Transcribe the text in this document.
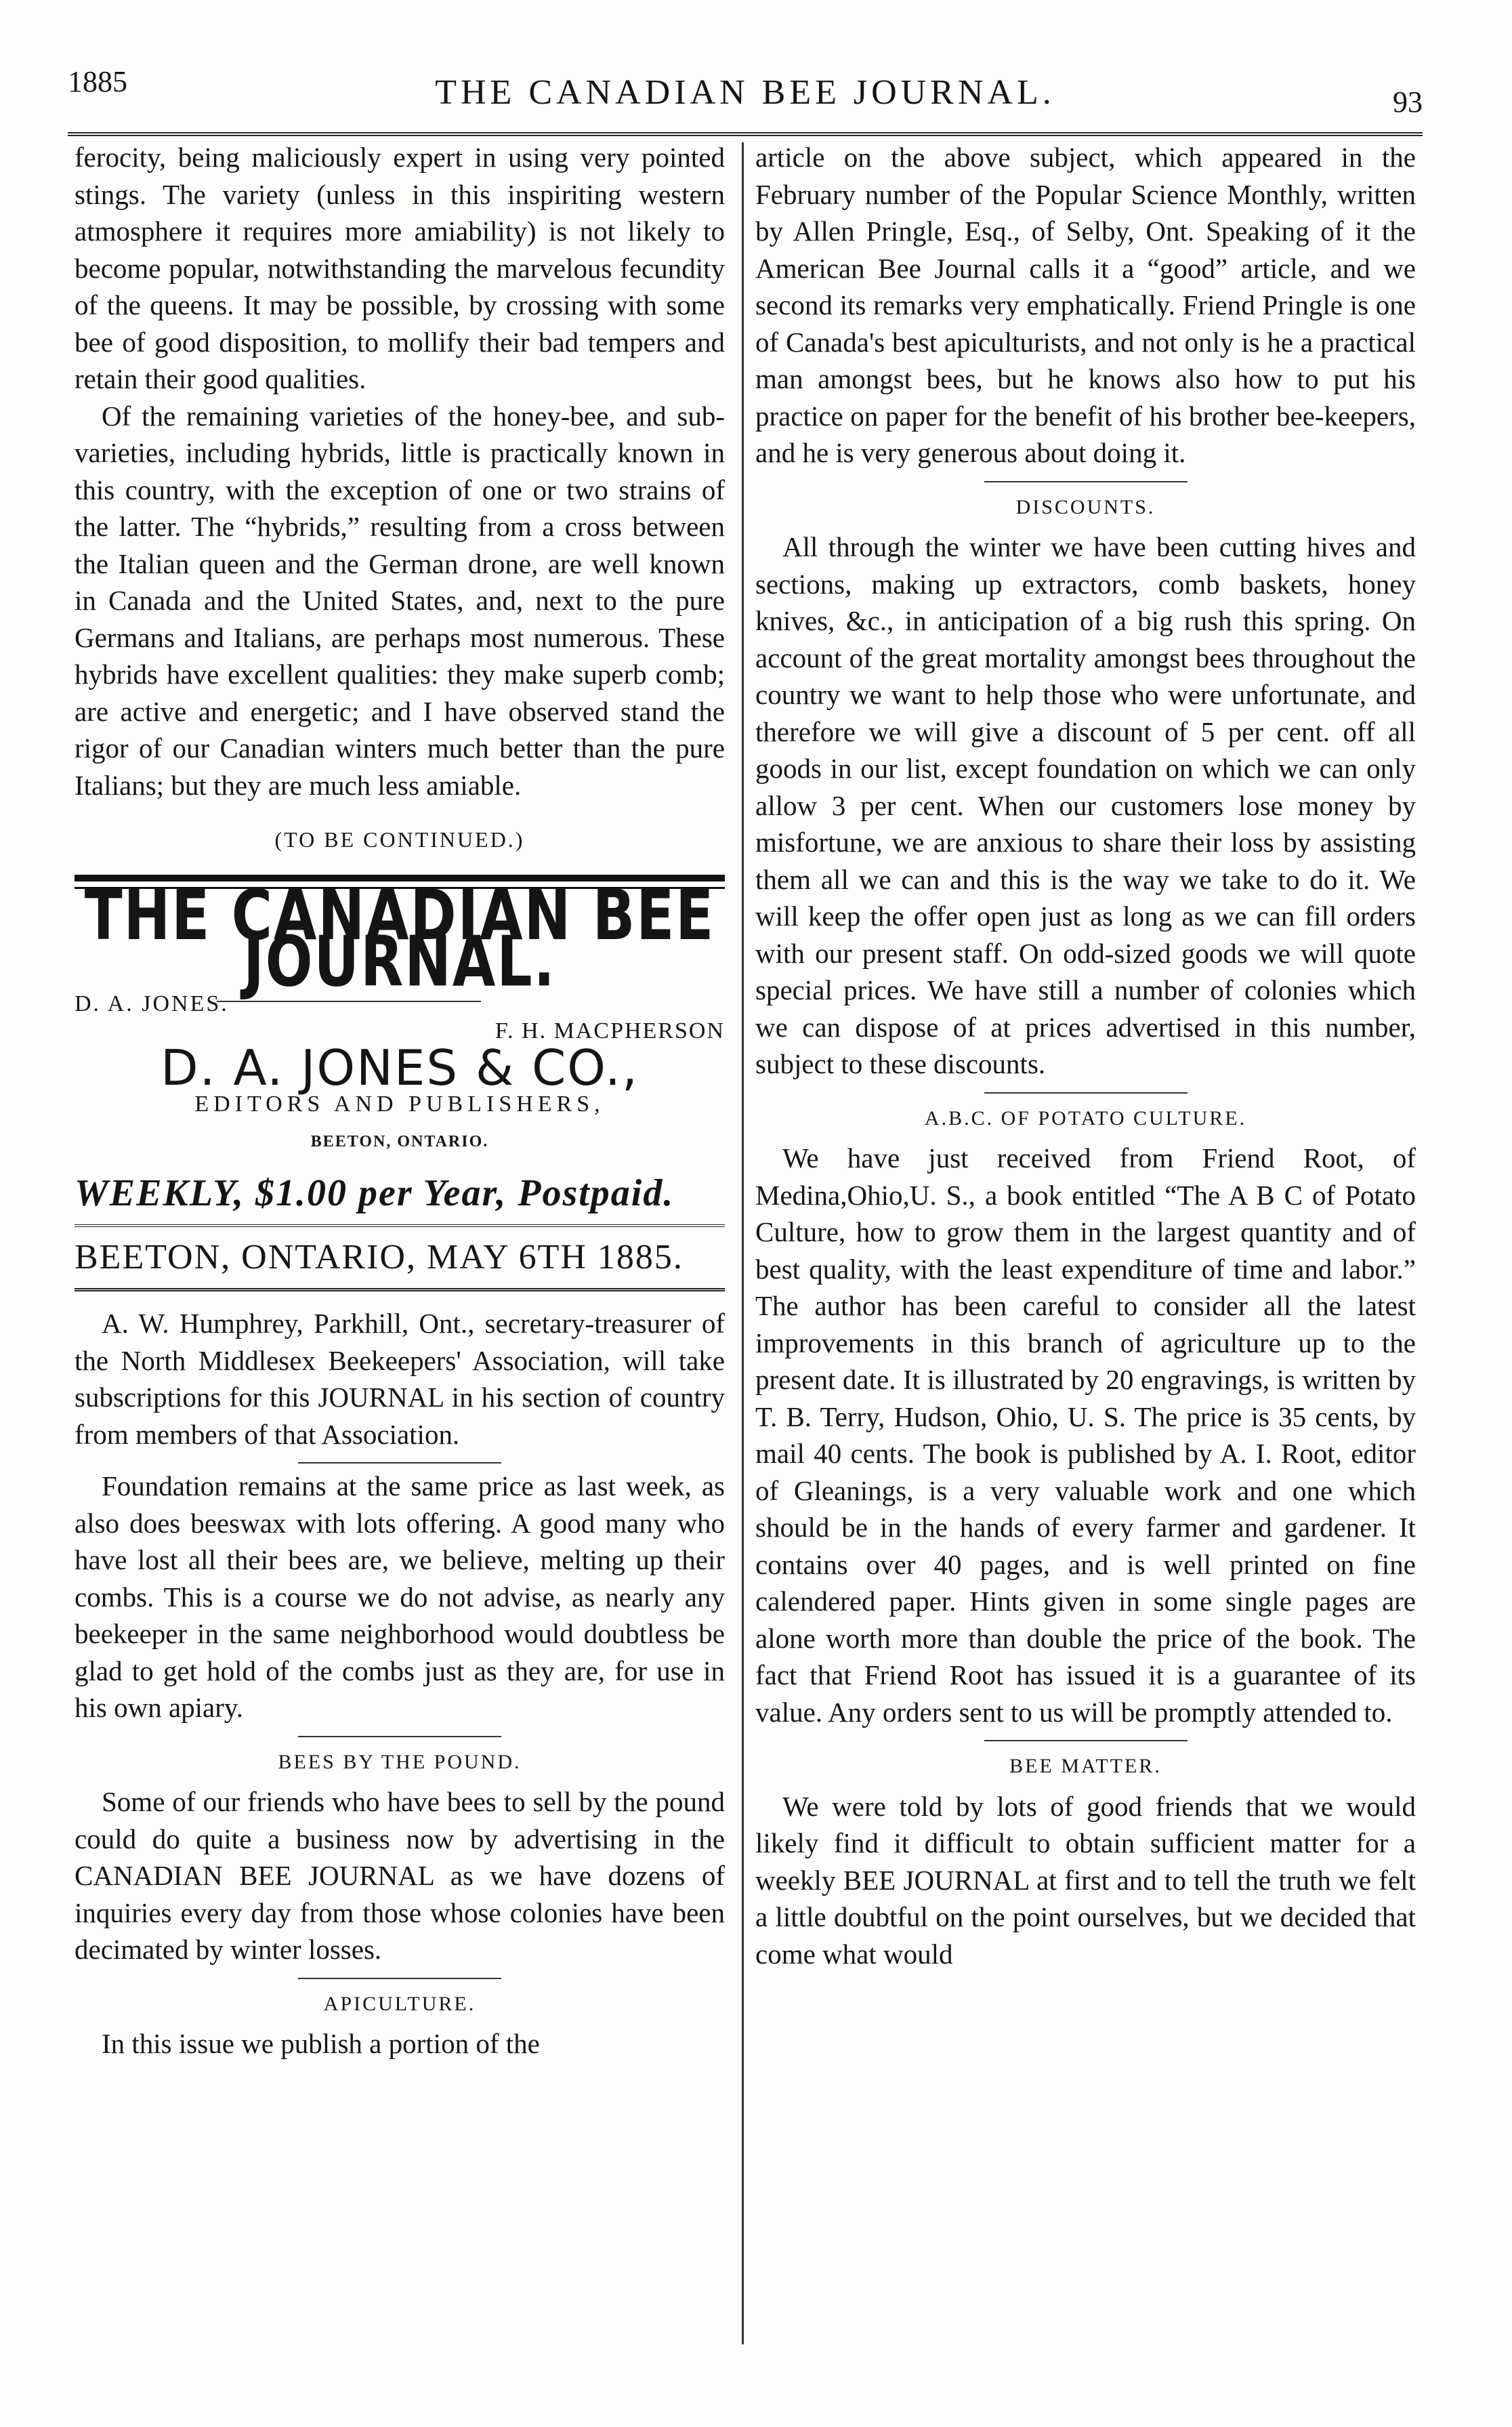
1885	THE CANADIAN BEE JOURNAL.	93

ferocity, being maliciously expert in using very pointed stings. The variety (unless in this inspiriting western atmosphere it requires more amiability) is not likely to become popular, notwithstanding the marvelous fecundity of the queens. It may be possible, by crossing with some bee of good disposition, to mollify their bad tempers and retain their good qualities.

Of the remaining varieties of the honey-bee, and sub-varieties, including hybrids, little is practically known in this country, with the exception of one or two strains of the latter. The “hybrids,” resulting from a cross between the Italian queen and the German drone, are well known in Canada and the United States, and, next to the pure Germans and Italians, are perhaps most numerous. These hybrids have excellent qualities: they make superb comb; are active and energetic; and I have observed stand the rigor of our Canadian winters much better than the pure Italians; but they are much less amiable.

(TO BE CONTINUED.)
THE CANADIAN BEE JOURNAL.
D. A. JONES.
F. H. MACPHERSON
D. A. JONES & CO.,
EDITORS AND PUBLISHERS,
BEETON, ONTARIO.
WEEKLY, $1.00 per Year, Postpaid.
BEETON, ONTARIO, MAY 6TH 1885.

A. W. Humphrey, Parkhill, Ont., secretary-treasurer of the North Middlesex Beekeepers' Association, will take subscriptions for this JOURNAL in his section of country from members of that Association.

Foundation remains at the same price as last week, as also does beeswax with lots offering. A good many who have lost all their bees are, we believe, melting up their combs. This is a course we do not advise, as nearly any beekeeper in the same neighborhood would doubtless be glad to get hold of the combs just as they are, for use in his own apiary.

BEES BY THE POUND.

Some of our friends who have bees to sell by the pound could do quite a business now by advertising in the CANADIAN BEE JOURNAL as we have dozens of inquiries every day from those whose colonies have been decimated by winter losses.

APICULTURE.

In this issue we publish a portion of the

article on the above subject, which appeared in the February number of the Popular Science Monthly, written by Allen Pringle, Esq., of Selby, Ont. Speaking of it the American Bee Journal calls it a “good” article, and we second its remarks very emphatically. Friend Pringle is one of Canada's best apiculturists, and not only is he a practical man amongst bees, but he knows also how to put his practice on paper for the benefit of his brother bee-keepers, and he is very generous about doing it.

DISCOUNTS.

All through the winter we have been cutting hives and sections, making up extractors, comb baskets, honey knives, &c., in anticipation of a big rush this spring. On account of the great mortality amongst bees throughout the country we want to help those who were unfortunate, and therefore we will give a discount of 5 per cent. off all goods in our list, except foundation on which we can only allow 3 per cent. When our customers lose money by misfortune, we are anxious to share their loss by assisting them all we can and this is the way we take to do it. We will keep the offer open just as long as we can fill orders with our present staff. On odd-sized goods we will quote special prices. We have still a number of colonies which we can dispose of at prices advertised in this number, subject to these discounts.

A.B.C. OF POTATO CULTURE.

We have just received from Friend Root, of Medina,Ohio,U. S., a book entitled “The A B C of Potato Culture, how to grow them in the largest quantity and of best quality, with the least expenditure of time and labor.” The author has been careful to consider all the latest improvements in this branch of agriculture up to the present date. It is illustrated by 20 engravings, is written by T. B. Terry, Hudson, Ohio, U. S. The price is 35 cents, by mail 40 cents. The book is published by A. I. Root, editor of Gleanings, is a very valuable work and one which should be in the hands of every farmer and gardener. It contains over 40 pages, and is well printed on fine calendered paper. Hints given in some single pages are alone worth more than double the price of the book. The fact that Friend Root has issued it is a guarantee of its value. Any orders sent to us will be promptly attended to.

BEE MATTER.

We were told by lots of good friends that we would likely find it difficult to obtain sufficient matter for a weekly BEE JOURNAL at first and to tell the truth we felt a little doubtful on the point ourselves, but we decided that come what would
